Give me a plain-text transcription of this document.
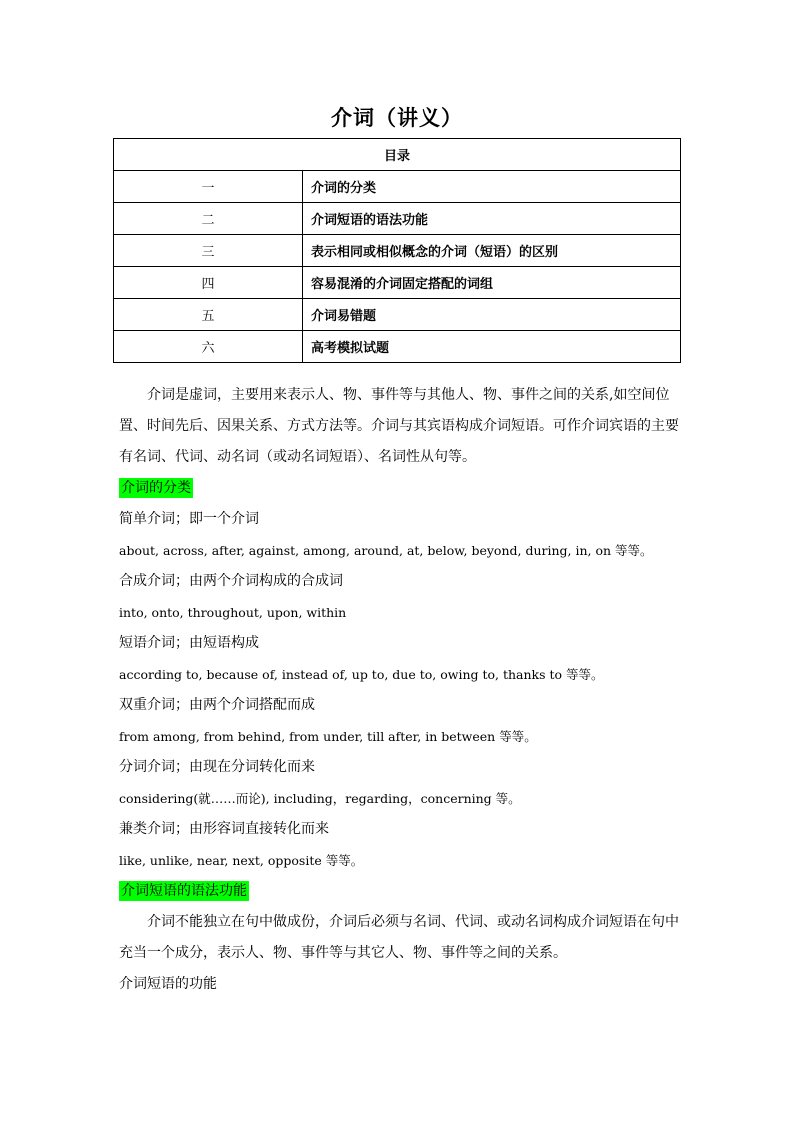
介词（讲义）
目录	
一	介词的分类
二	介词短语的语法功能
三	表示相同或相似概念的介词（短语）的区别
四	容易混淆的介词固定搭配的词组
五	介词易错题
六	高考模拟试题
介词是虚词，主要用来表示人、物、事件等与其他人、物、事件之间的关系,如空间位
置、时间先后、因果关系、方式方法等。介词与其宾语构成介词短语。可作介词宾语的主要
有名词、代词、动名词（或动名词短语）、名词性从句等。
介词的分类
简单介词；即一个介词
about, across, after, against, among, around, at, below, beyond, during, in, on 等等。
合成介词；由两个介词构成的合成词
into, onto, throughout, upon, within
短语介词；由短语构成
according to, because of, instead of, up to, due to, owing to, thanks to 等等。
双重介词；由两个介词搭配而成
from among, from behind, from under, till after, in between 等等。
分词介词；由现在分词转化而来
considering(就……而论), including，regarding，concerning 等。
兼类介词；由形容词直接转化而来
like, unlike, near, next, opposite 等等。
介词短语的语法功能
介词不能独立在句中做成份，介词后必须与名词、代词、或动名词构成介词短语在句中
充当一个成分，表示人、物、事件等与其它人、物、事件等之间的关系。
介词短语的功能
